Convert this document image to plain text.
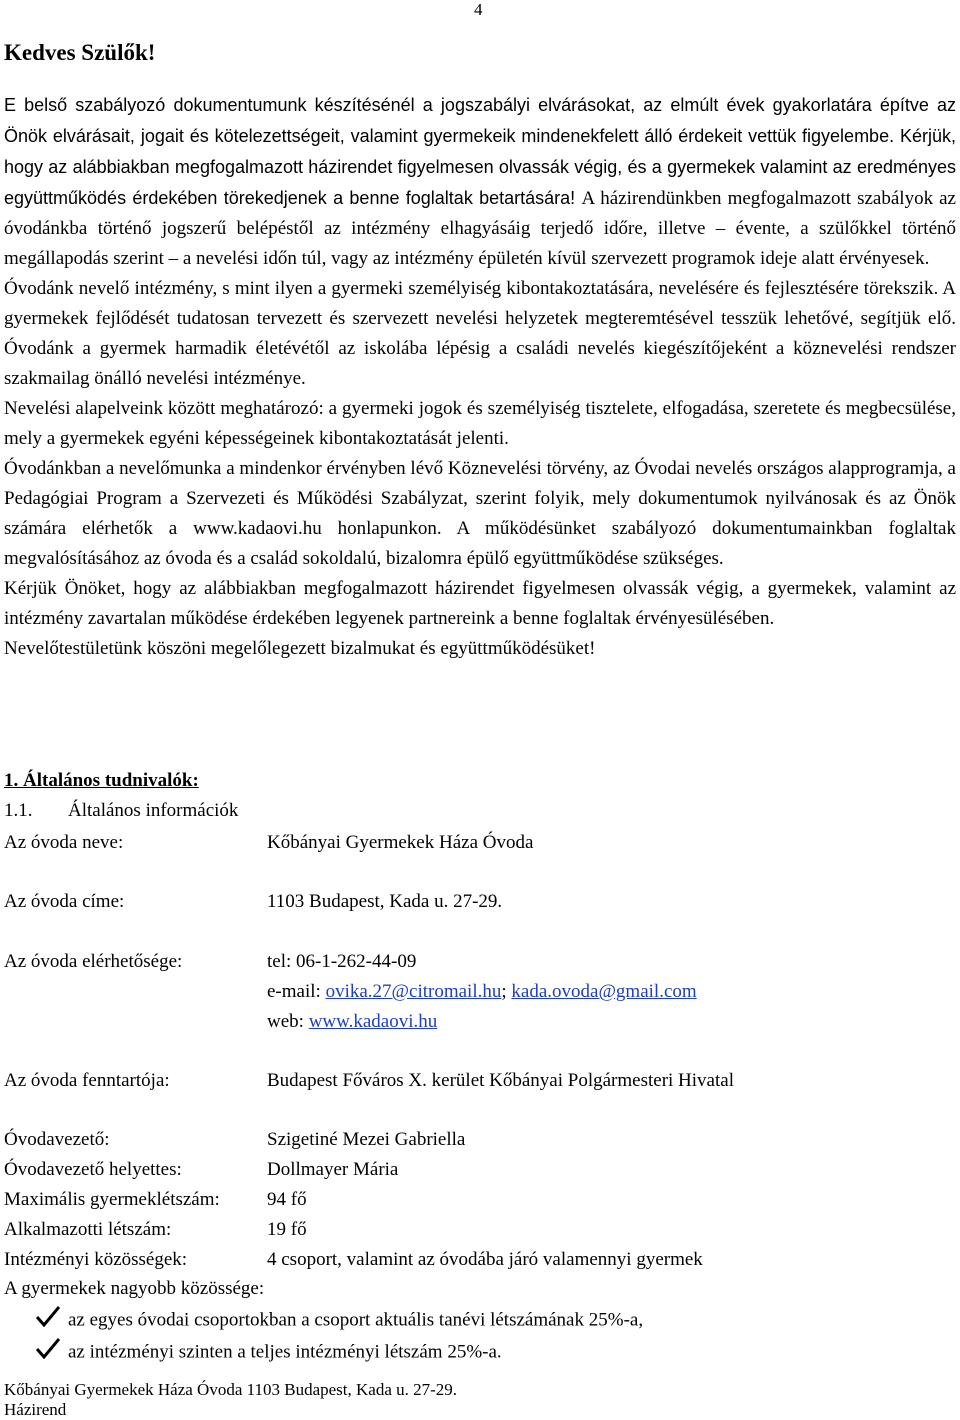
4
Kedves Szülők!

E belső szabályozó dokumentumunk készítésénél a jogszabályi elvárásokat, az elmúlt évek gyakorlatára építve az Önök elvárásait, jogait és kötelezettségeit, valamint gyermekeik mindenekfelett álló érdekeit vettük figyelembe. Kérjük, hogy az alábbiakban megfogalmazott házirendet figyelmesen olvassák végig, és a gyermekek valamint az eredményes együttműködés érdekében törekedjenek a benne foglaltak betartására! A házirendünkben megfogalmazott szabályok az óvodánkba történő jogszerű belépéstől az intézmény elhagyásáig terjedő időre, illetve – évente, a szülőkkel történő megállapodás szerint – a nevelési időn túl, vagy az intézmény épületén kívül szervezett programok ideje alatt érvényesek.

Óvodánk nevelő intézmény, s mint ilyen a gyermeki személyiség kibontakoztatására, nevelésére és fejlesztésére törekszik. A gyermekek fejlődését tudatosan tervezett és szervezett nevelési helyzetek megteremtésével tesszük lehetővé, segítjük elő. Óvodánk a gyermek harmadik életévétől az iskolába lépésig a családi nevelés kiegészítőjeként a köznevelési rendszer szakmailag önálló nevelési intézménye.

Nevelési alapelveink között meghatározó: a gyermeki jogok és személyiség tisztelete, elfogadása, szeretete és megbecsülése, mely a gyermekek egyéni képességeinek kibontakoztatását jelenti.

Óvodánkban a nevelőmunka a mindenkor érvényben lévő Köznevelési törvény, az Óvodai nevelés országos alapprogramja, a Pedagógiai Program a Szervezeti és Működési Szabályzat, szerint folyik, mely dokumentumok nyilvánosak és az Önök számára elérhetők a www.kadaovi.hu honlapunkon. A működésünket szabályozó dokumentumainkban foglaltak megvalósításához az óvoda és a család sokoldalú, bizalomra épülő együttműködése szükséges.

Kérjük Önöket, hogy az alábbiakban megfogalmazott házirendet figyelmesen olvassák végig, a gyermekek, valamint az intézmény zavartalan működése érdekében legyenek partnereink a benne foglaltak érvényesülésében.

Nevelőtestületünk köszöni megelőlegezett bizalmukat és együttműködésüket!

1. Általános tudnivalók:
1.1. Általános információk
Az óvoda neve:	Kőbányai Gyermekek Háza Óvoda
Az óvoda címe:	1103 Budapest, Kada u. 27-29.
Az óvoda elérhetősége:	tel: 06-1-262-44-09
e-mail: ovika.27@citromail.hu; kada.ovoda@gmail.com
web: www.kadaovi.hu
Az óvoda fenntartója:	Budapest Főváros X. kerület Kőbányai Polgármesteri Hivatal
Óvodavezető:	Szigetiné Mezei Gabriella
Óvodavezető helyettes:	Dollmayer Mária
Maximális gyermeklétszám: 94 fő
Alkalmazotti létszám:	19 fő
Intézményi közösségek:	4 csoport, valamint az óvodába járó valamennyi gyermek
A gyermekek nagyobb közössége:
az egyes óvodai csoportokban a csoport aktuális tanévi létszámának 25%-a,
az intézményi szinten a teljes intézményi létszám 25%-a.
Kőbányai Gyermekek Háza Óvoda 1103 Budapest, Kada u. 27-29.
Házirend
